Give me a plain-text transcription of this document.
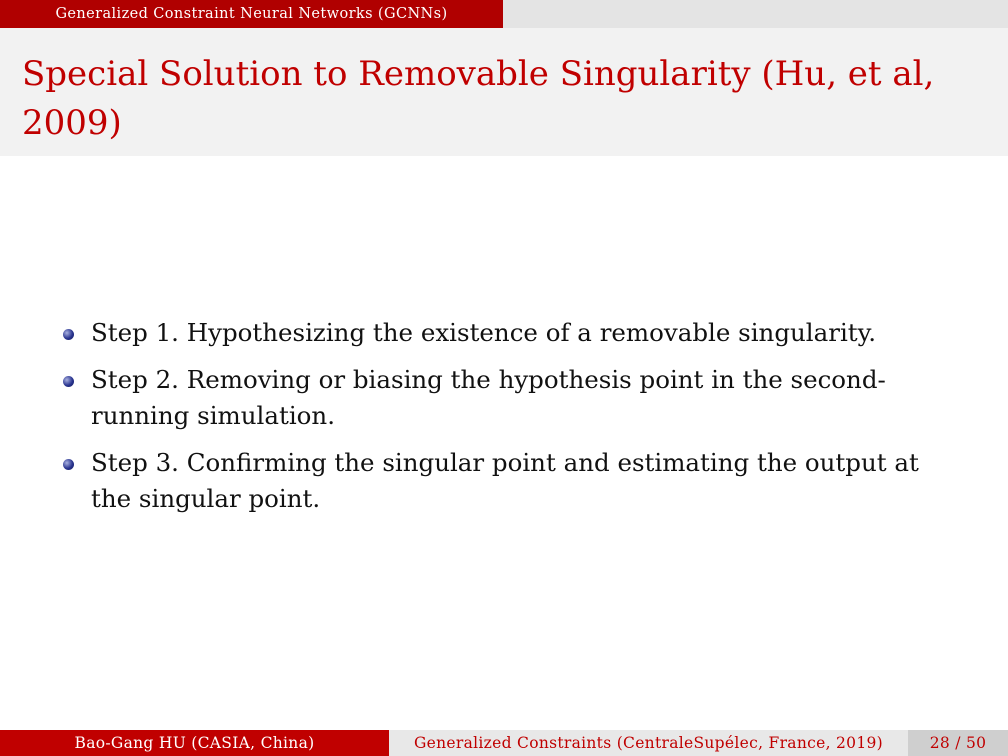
Generalized Constraint Neural Networks (GCNNs)
Special Solution to Removable Singularity (Hu, et al, 2009)
Step 1. Hypothesizing the existence of a removable singularity.
Step 2. Removing or biasing the hypothesis point in the second-running simulation.
Step 3. Confirming the singular point and estimating the output at the singular point.
Bao-Gang HU (CASIA, China)	Generalized Constraints (CentraleSupélec, France, 2019)	28 / 50
